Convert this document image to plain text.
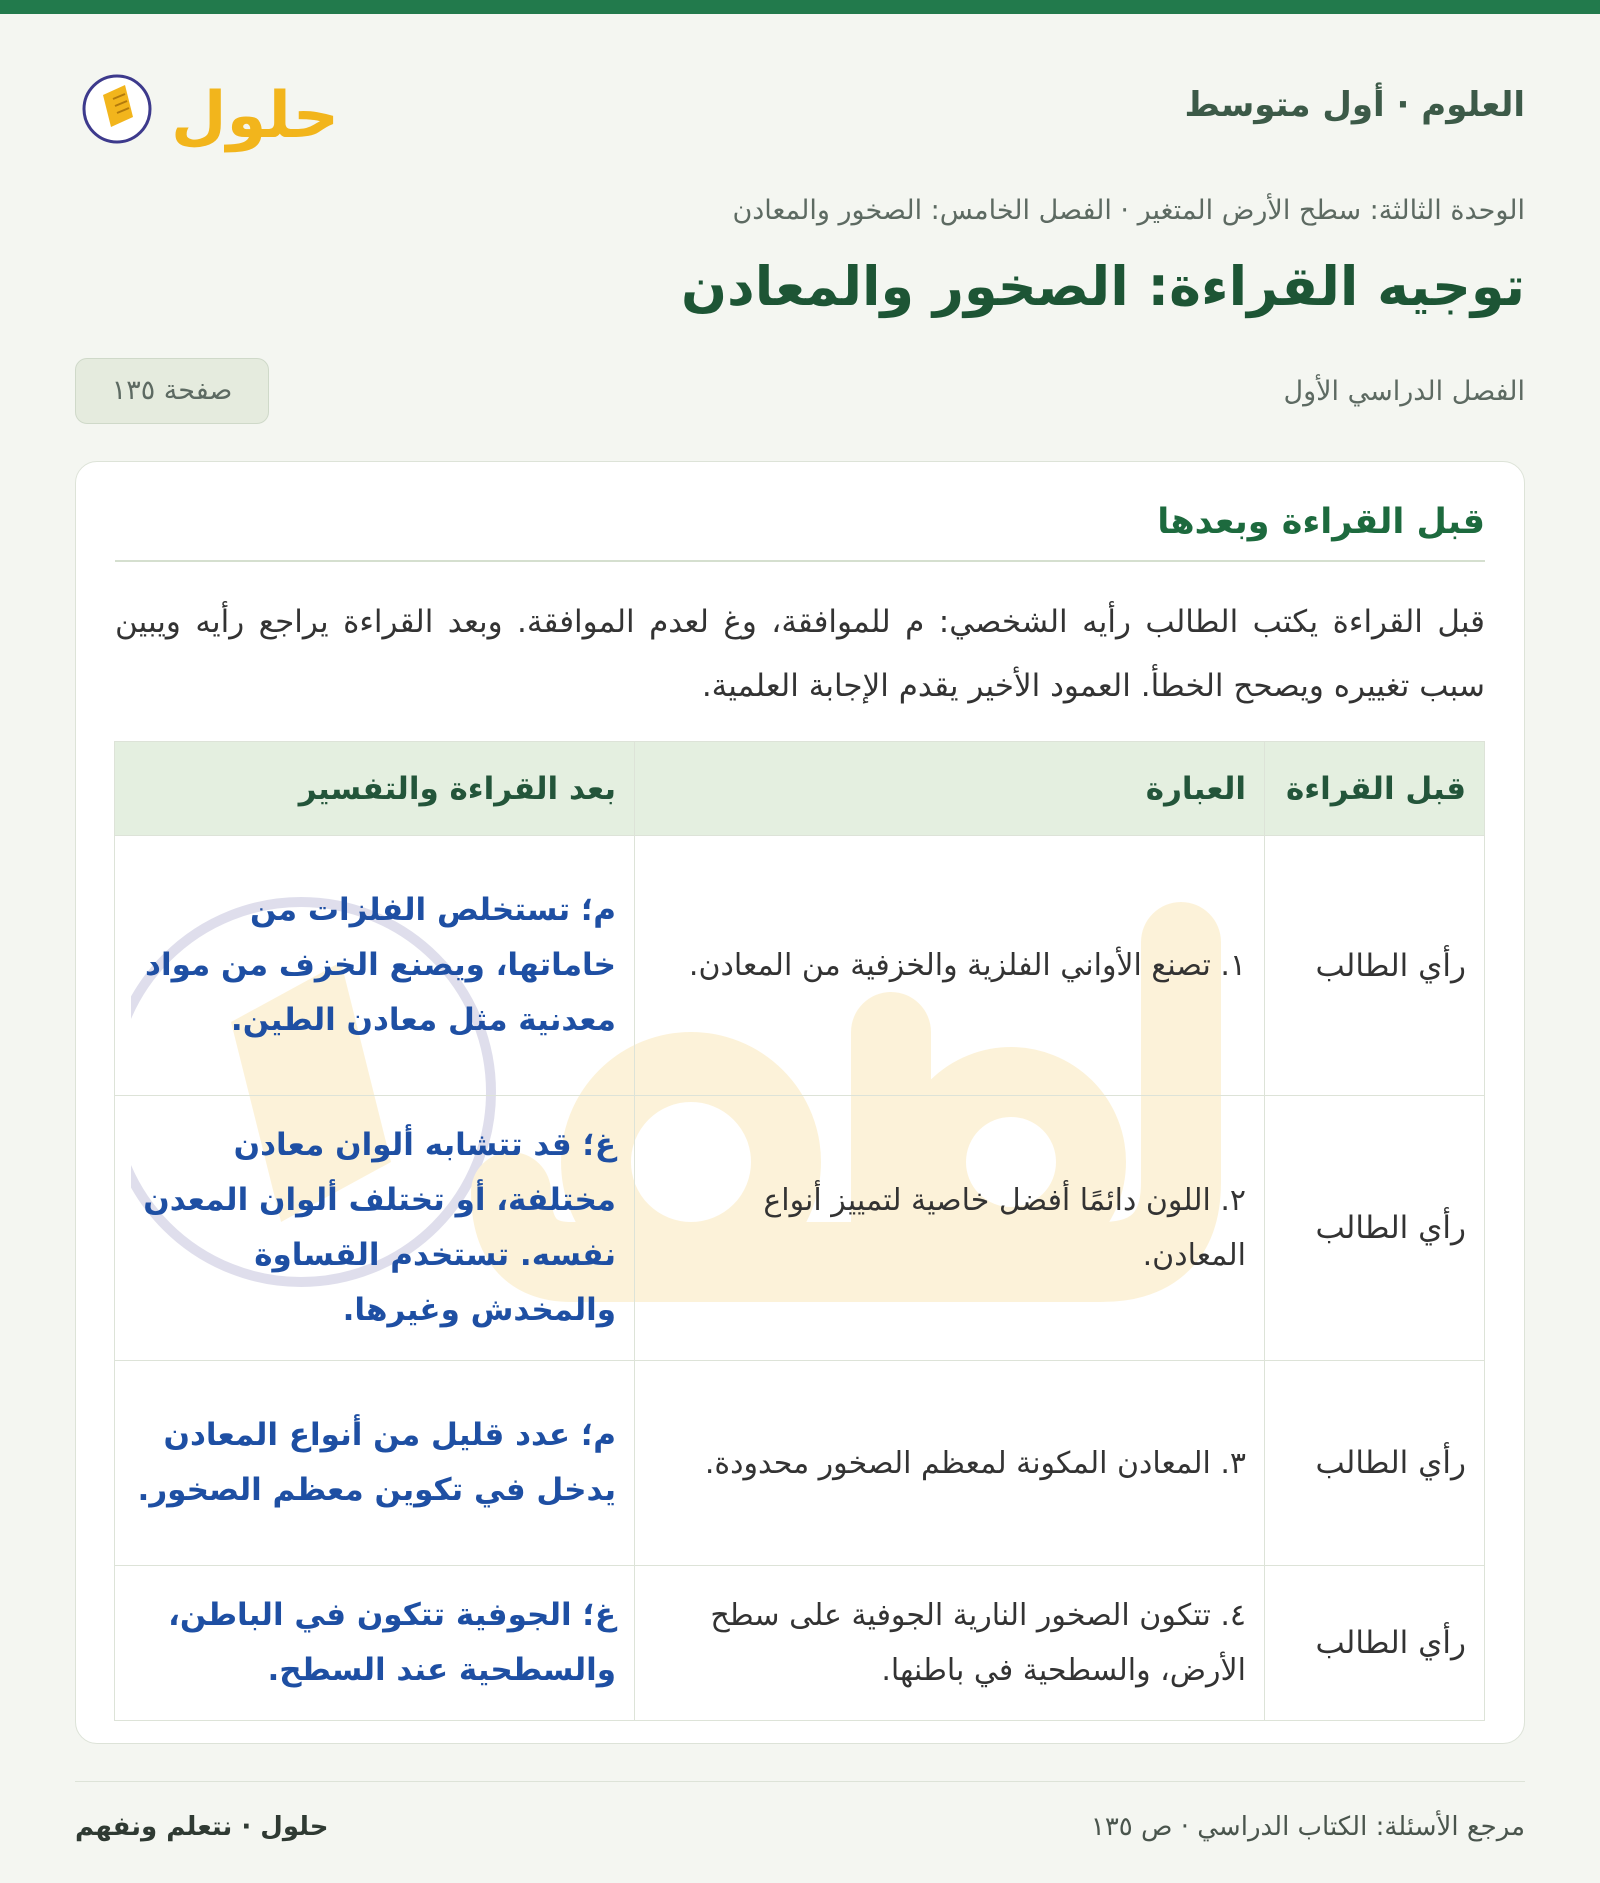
العلوم · أول متوسط
حلول
الوحدة الثالثة: سطح الأرض المتغير · الفصل الخامس: الصخور والمعادن
توجيه القراءة: الصخور والمعادن
الفصل الدراسي الأول
صفحة ١٣٥
قبل القراءة وبعدها

قبل القراءة يكتب الطالب رأيه الشخصي: م للموافقة، وغ لعدم الموافقة. وبعد القراءة يراجع رأيه ويبين سبب تغييره ويصحح الخطأ. العمود الأخير يقدم الإجابة العلمية.

قبل القراءة	العبارة	بعد القراءة والتفسير
رأي الطالب	١. تصنع الأواني الفلزية والخزفية من المعادن.	م؛ تستخلص الفلزات من خاماتها، ويصنع الخزف من مواد معدنية مثل معادن الطين.
رأي الطالب	٢. اللون دائمًا أفضل خاصية لتمييز أنواع المعادن.	غ؛ قد تتشابه ألوان معادن مختلفة، أو تختلف ألوان المعدن نفسه. تستخدم القساوة والمخدش وغيرها.
رأي الطالب	٣. المعادن المكونة لمعظم الصخور محدودة.	م؛ عدد قليل من أنواع المعادن يدخل في تكوين معظم الصخور.
رأي الطالب	٤. تتكون الصخور النارية الجوفية على سطح الأرض، والسطحية في باطنها.	غ؛ الجوفية تتكون في الباطن، والسطحية عند السطح.
مرجع الأسئلة: الكتاب الدراسي · ص ١٣٥
حلول · نتعلم ونفهم
